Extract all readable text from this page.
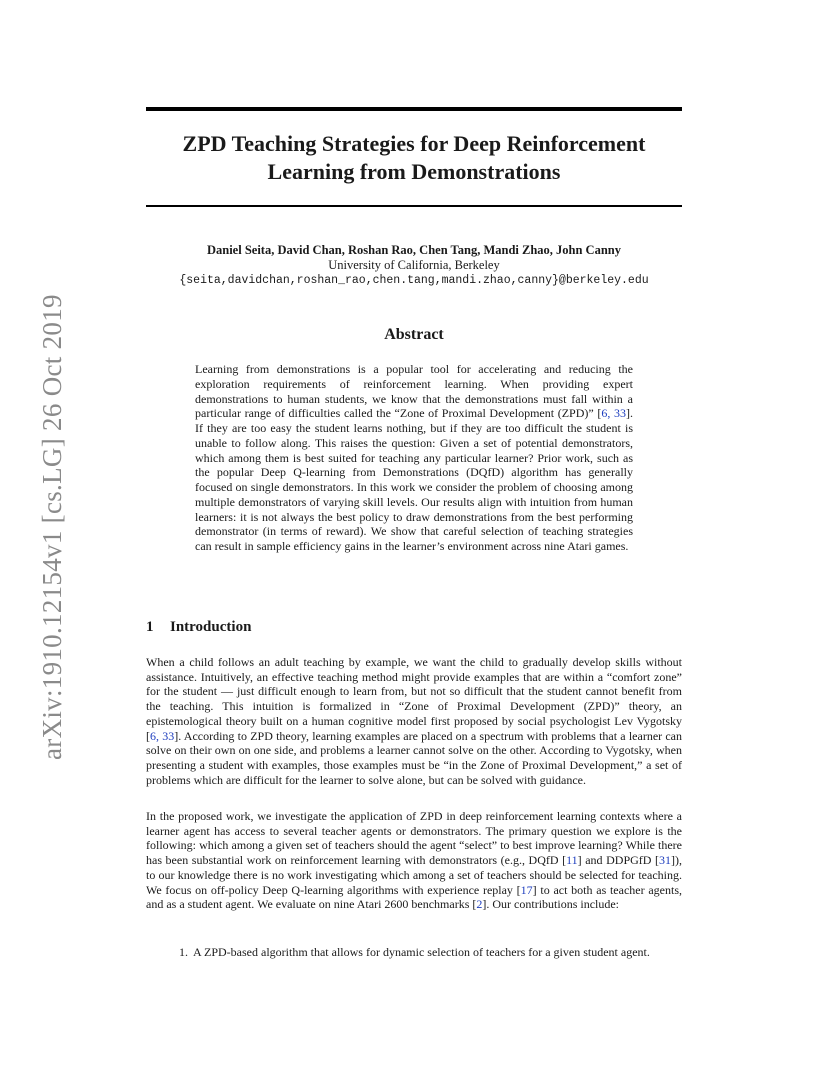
arXiv:1910.12154v1 [cs.LG] 26 Oct 2019
ZPD Teaching Strategies for Deep Reinforcement
Learning from Demonstrations
Daniel Seita, David Chan, Roshan Rao, Chen Tang, Mandi Zhao, John Canny
University of California, Berkeley
{seita,davidchan,roshan_rao,chen.tang,mandi.zhao,canny}@berkeley.edu
Abstract
Learning from demonstrations is a popular tool for accelerating and reducing the exploration requirements of reinforcement learning. When providing expert demonstrations to human students, we know that the demonstrations must fall within a particular range of difficulties called the “Zone of Proximal Development (ZPD)” [6, 33]. If they are too easy the student learns nothing, but if they are too difficult the student is unable to follow along. This raises the question: Given a set of potential demonstrators, which among them is best suited for teaching any particular learner? Prior work, such as the popular Deep Q-learning from Demonstrations (DQfD) algorithm has generally focused on single demonstrators. In this work we consider the problem of choosing among multiple demonstrators of varying skill levels. Our results align with intuition from human learners: it is not always the best policy to draw demonstrations from the best performing demonstrator (in terms of reward). We show that careful selection of teaching strategies can result in sample efficiency gains in the learner’s environment across nine Atari games.
1 Introduction
When a child follows an adult teaching by example, we want the child to gradually develop skills without assistance. Intuitively, an effective teaching method might provide examples that are within a “comfort zone” for the student — just difficult enough to learn from, but not so difficult that the student cannot benefit from the teaching. This intuition is formalized in “Zone of Proximal Development (ZPD)” theory, an epistemological theory built on a human cognitive model first proposed by social psychologist Lev Vygotsky [6, 33]. According to ZPD theory, learning examples are placed on a spectrum with problems that a learner can solve on their own on one side, and problems a learner cannot solve on the other. According to Vygotsky, when presenting a student with examples, those examples must be “in the Zone of Proximal Development,” a set of problems which are difficult for the learner to solve alone, but can be solved with guidance.
In the proposed work, we investigate the application of ZPD in deep reinforcement learning contexts where a learner agent has access to several teacher agents or demonstrators. The primary question we explore is the following: which among a given set of teachers should the agent “select” to best improve learning? While there has been substantial work on reinforcement learning with demonstrators (e.g., DQfD [11] and DDPGfD [31]), to our knowledge there is no work investigating which among a set of teachers should be selected for teaching. We focus on off-policy Deep Q-learning algorithms with experience replay [17] to act both as teacher agents, and as a student agent. We evaluate on nine Atari 2600 benchmarks [2]. Our contributions include:
1. A ZPD-based algorithm that allows for dynamic selection of teachers for a given student agent.
